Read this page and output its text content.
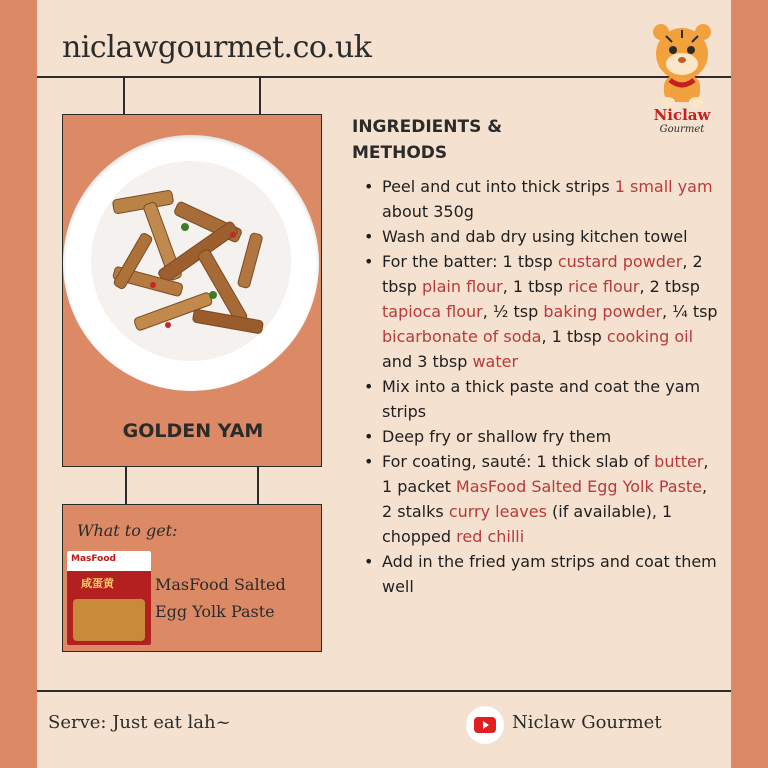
niclawgourmet.co.uk
Niclaw
Gourmet
GOLDEN YAM
What to get:
MasFood
咸蛋黄	MasFood Salted Egg Yolk Paste
INGREDIENTS & METHODS
• Peel and cut into thick strips 1 small yam about 350g
• Wash and dab dry using kitchen towel
• For the batter: 1 tbsp custard powder, 2 tbsp plain flour, 1 tbsp rice flour, 2 tbsp tapioca flour, ½ tsp baking powder, ¼ tsp bicarbonate of soda, 1 tbsp cooking oil and 3 tbsp water
• Mix into a thick paste and coat the yam strips
• Deep fry or shallow fry them
• For coating, sauté: 1 thick slab of butter, 1 packet MasFood Salted Egg Yolk Paste, 2 stalks curry leaves (if available), 1 chopped red chilli
• Add in the fried yam strips and coat them well
Serve: Just eat lah~	Niclaw Gourmet
